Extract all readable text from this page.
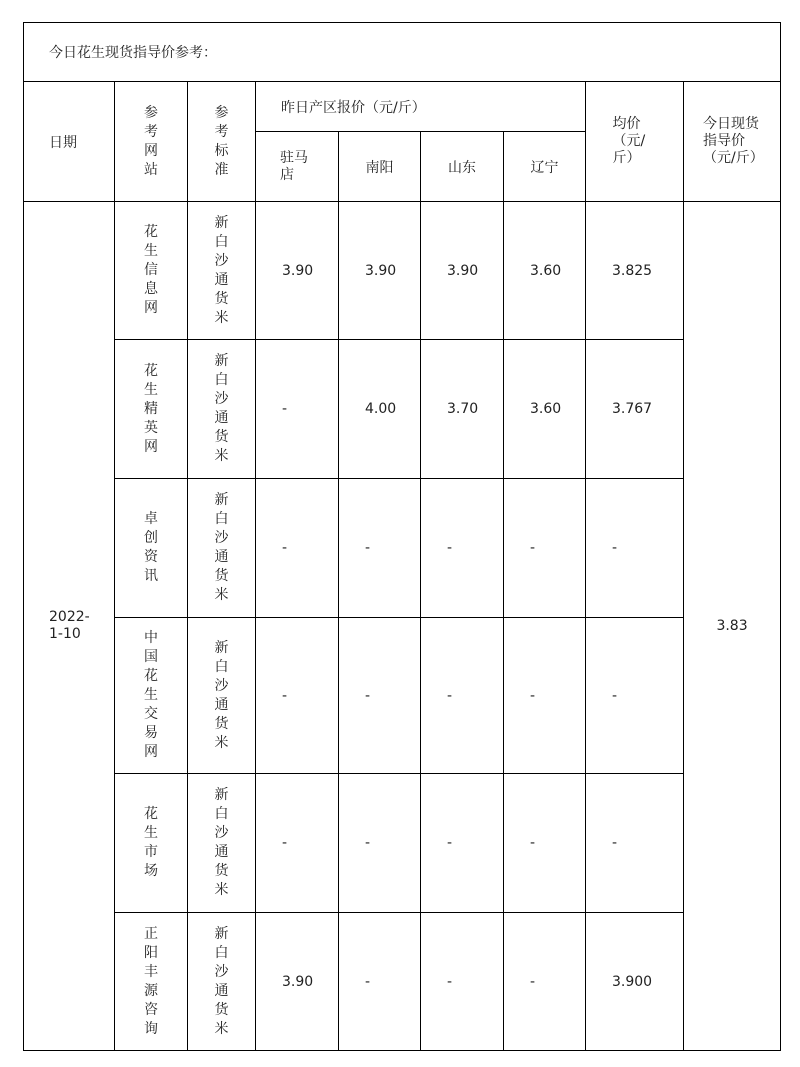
今日花生现货指导价参考：								
日期	参考网站	参考标准	昨日产区报价（元/斤）				均价（元/斤）	今日现货指导价（元/斤）

			驻马店	南阳	山东	辽宁		

2022-1-10	花生信息网	新白沙通货米	3.90	3.90	3.90	3.60	3.825	3.83

	花生精英网	新白沙通货米	-	4.00	3.70	3.60	3.767	

	卓创资讯	新白沙通货米	-	-	-	-	-	

	中国花生交易网	新白沙通货米	-	-	-	-	-	

	花生市场	新白沙通货米	-	-	-	-	-	

	正阳丰源咨询	新白沙通货米	3.90	-	-	-	3.900	
